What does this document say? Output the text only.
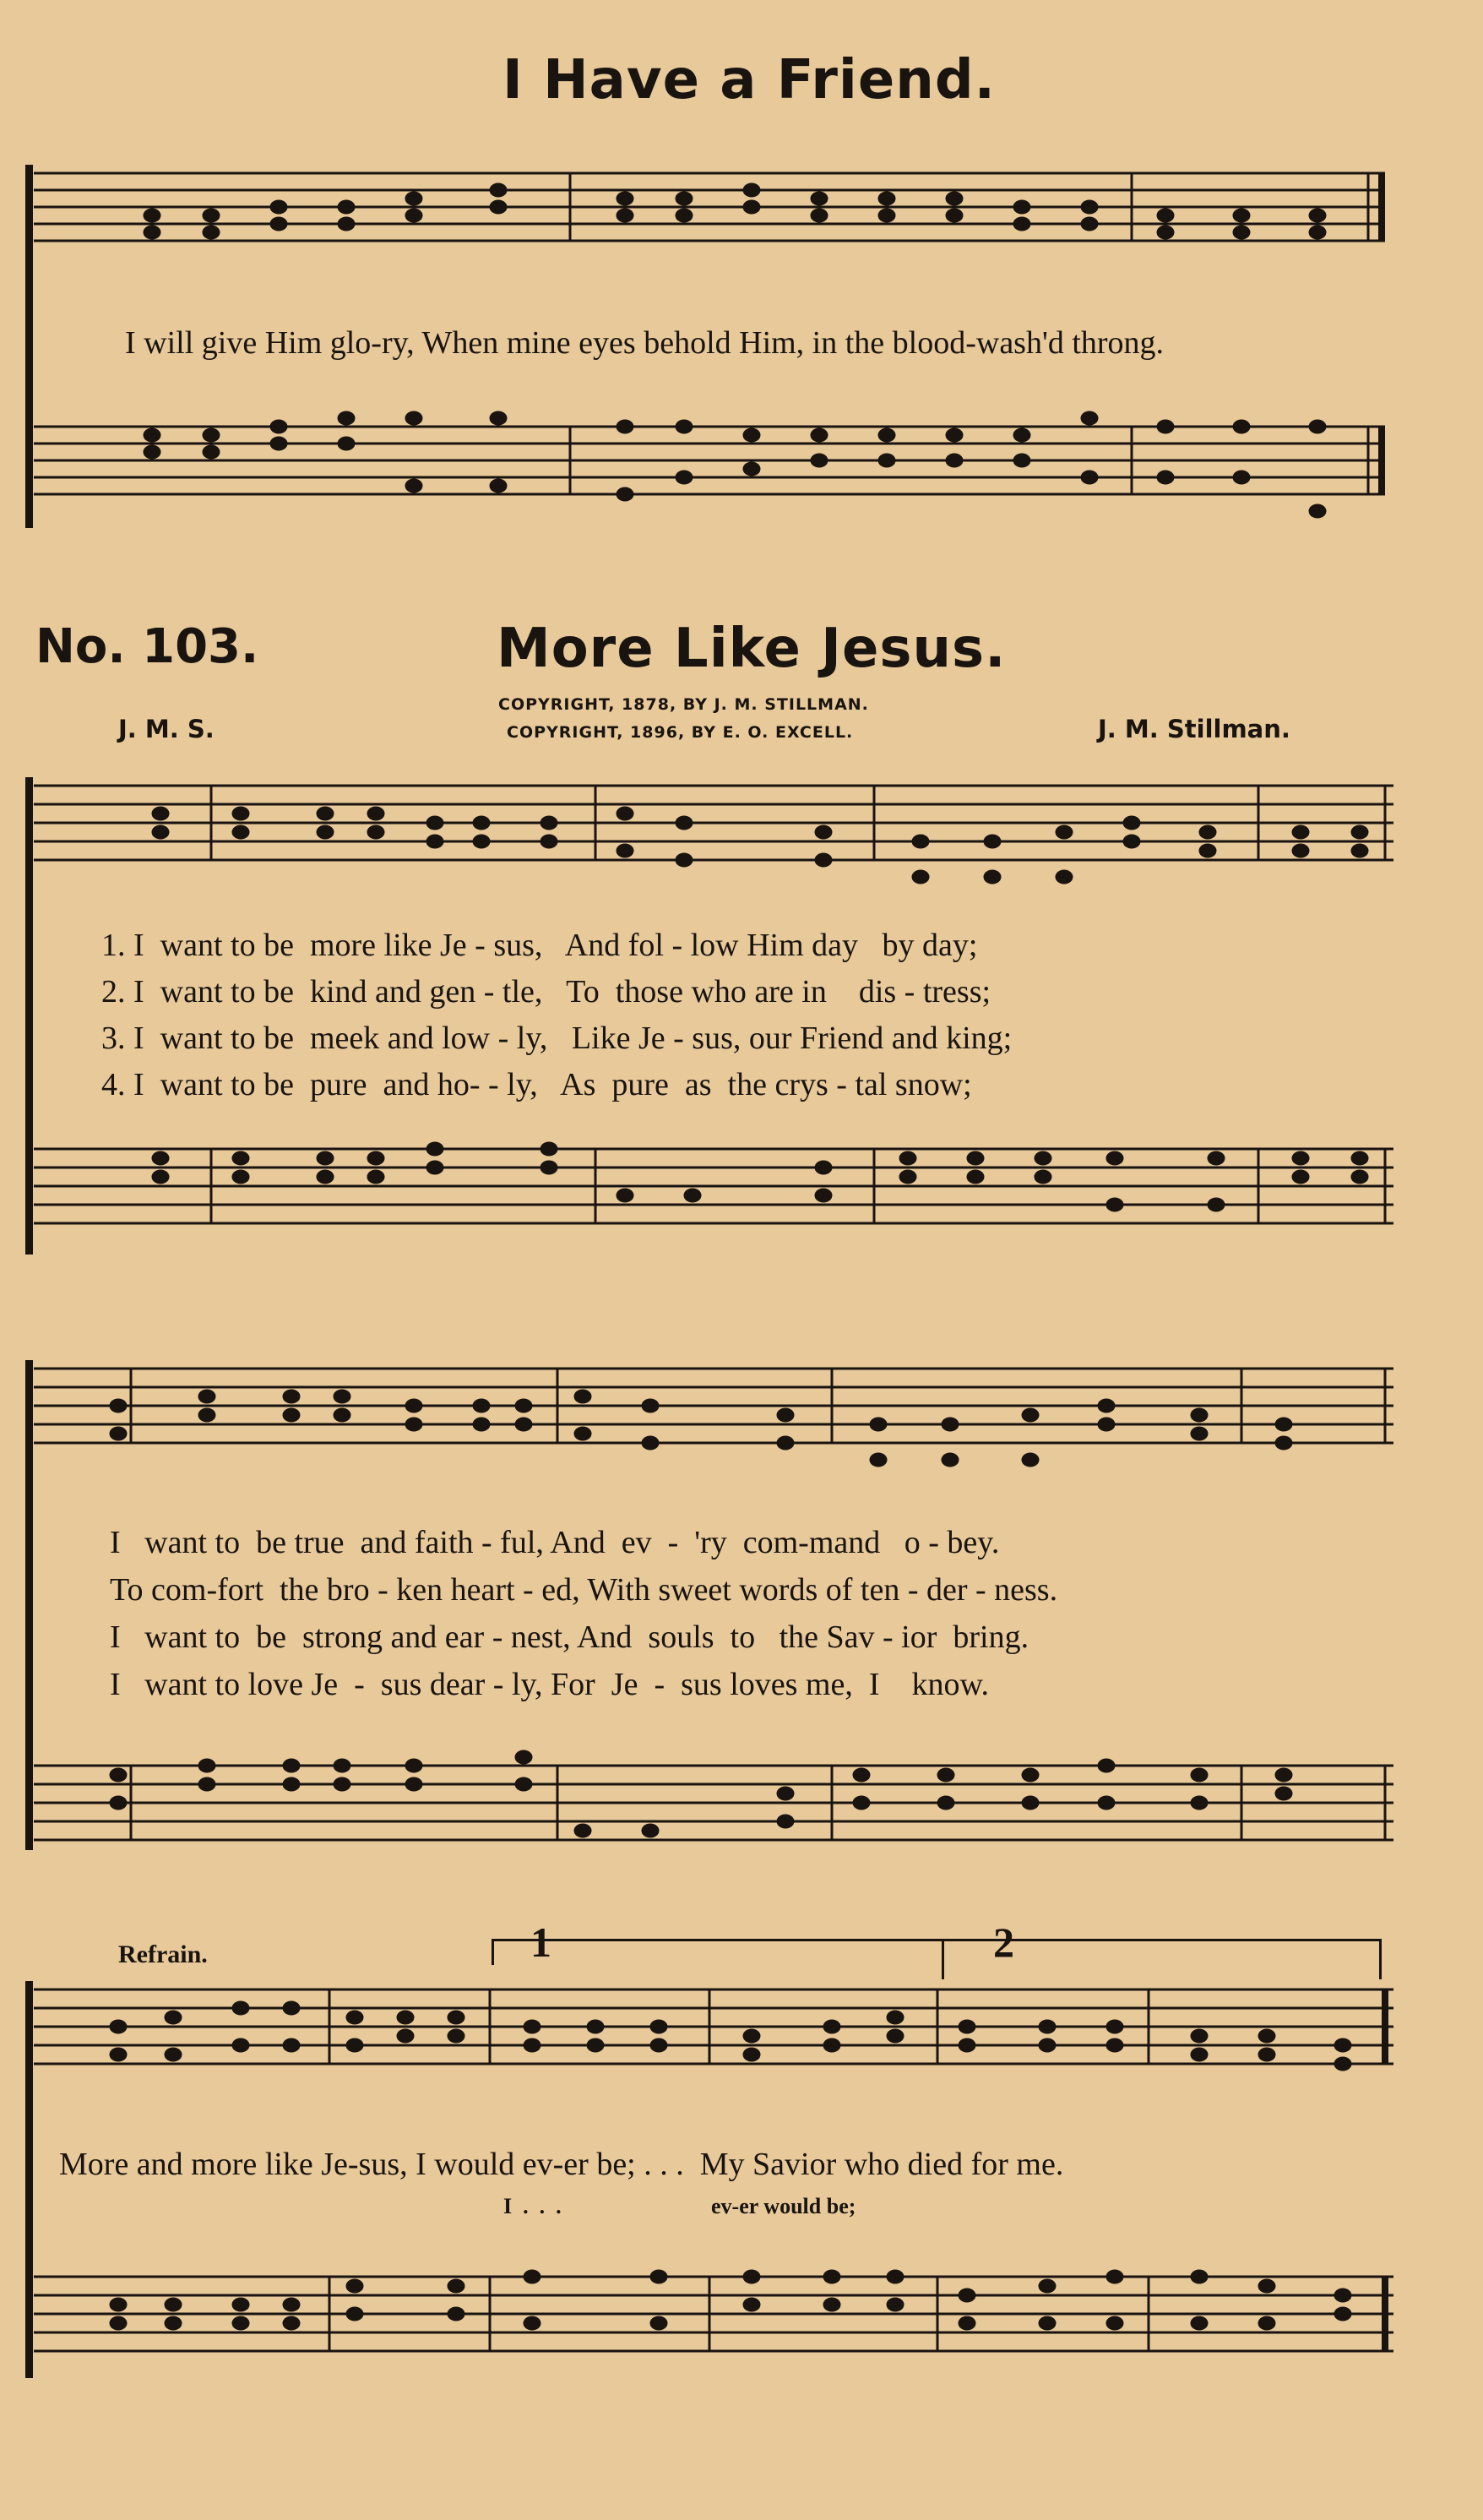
I Have a Friend.
I will give Him glo-ry, When mine eyes behold Him, in the blood-wash'd throng.
No. 103.	More Like Jesus.
COPYRIGHT, 1878, BY J. M. STILLMAN.
COPYRIGHT, 1896, BY E. O. EXCELL.
J. M. S.	J. M. Stillman.
1. I  want to be  more like Je - sus,   And fol - low Him day   by day;
2. I  want to be  kind and gen - tle,   To  those who are in    dis - tress;
3. I  want to be  meek and low - ly,   Like Je - sus, our Friend and king;
4. I  want to be  pure  and ho- - ly,   As  pure  as  the crys - tal snow;
I   want to  be true  and faith - ful, And  ev  -  'ry  com-mand   o - bey.
To com-fort  the bro - ken heart - ed, With sweet words of ten - der - ness.
I   want to  be  strong and ear - nest, And  souls  to   the Sav - ior  bring.
I   want to love Je  -  sus dear - ly, For  Je  -  sus loves me,  I    know.
Refrain.	1	2
More and more like Je-sus, I would ev-er be; . . .  My Savior who died for me.
I  .  .  .	ev-er would be;
